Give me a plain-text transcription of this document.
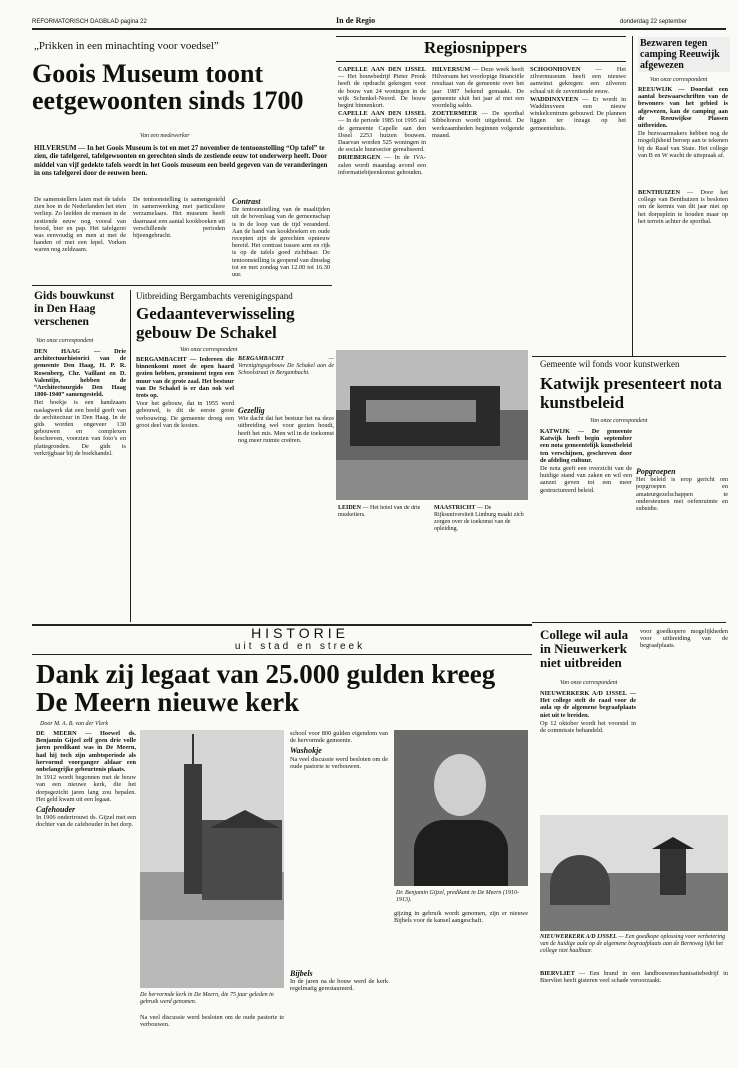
REFORMATORISCH DAGBLAD pagina 22	In de Regio	donderdag 22 september
„Prikken in een minachting voor voedsel”
Goois Museum toont eetgewoonten sinds 1700
Van een medewerker
HILVERSUM — In het Goois Museum is tot en met 27 november de tentoonstelling “Op tafel” te zien, die tafelgerei, tafelgewoonten en gerechten sinds de zestiende eeuw tot onderwerp heeft. Door middel van vijf gedekte tafels wordt in het Goois museum een beeld gegeven van de veranderingen in ons tafelgerei door de eeuwen heen.

De samenstellers laten met de tafels zien hoe in de Nederlanden het eten verliep. Zo leefden de mensen in de zestiende eeuw nog vooral van brood, bier en pap. Het tafelgerei was eenvoudig en men at met de handen of met een lepel. Vorken waren nog zeldzaam.

De tentoonstelling is samengesteld in samenwerking met particuliere verzamelaars. Het museum heeft daarnaast een aantal kookboeken uit verschillende perioden bijeengebracht.

Contrast

De tentoonstelling van de maaltijden uit de bovenlaag van de gemeenschap is in de loop van de tijd veranderd. Aan de hand van kookboeken en oude recepten zijn de gerechten opnieuw bereid. Het contrast tussen arm en rijk is op de tafels goed zichtbaar. De tentoonstelling is geopend van dinsdag tot en met zondag van 12.00 tot 16.30 uur.

Regiosnippers

CAPELLE AAN DEN IJSSEL — Het bouwbedrijf Pieter Pronk heeft de opdracht gekregen voor de bouw van 24 woningen in de wijk Schenkel-Noord. De bouw begint binnenkort.

CAPELLE AAN DEN IJSSEL — In de periode 1985 tot 1995 zal de gemeente Capelle aan den IJssel 2253 huizen bouwen. Daarvan worden 525 woningen in de sociale huursector gerealiseerd.

DRIEBERGEN — In de IVA-zalen wordt maandag avond een informatiebijeenkomst gehouden.

HILVERSUM — Deze week heeft Hilversum het voorlopige financiële resultaat van de gemeente over het jaar 1987 bekend gemaakt. De gemeente sluit het jaar af met een voordelig saldo.

ZOETERMEER — De sporthal Sibbeltoren wordt uitgebreid. De werkzaamheden beginnen volgende maand.

SCHOONHOVEN — Het zilvermuseum heeft een nieuwe aanwinst gekregen: een zilveren schaal uit de zeventiende eeuw.

WADDINXVEEN — Er wordt in Waddinxveen een nieuw winkelcentrum gebouwd. De plannen liggen ter inzage op het gemeentehuis.

Bezwaren tegen camping Reeuwijk afgewezen
Van onze correspondent

REEUWIJK — Doordat een aantal bezwaarschriften van de bewoners van het gebied is afgewezen, kan de camping aan de Reeuwijkse Plassen uitbreiden.

De bezwaarmakers hebben nog de mogelijkheid beroep aan te tekenen bij de Raad van State. Het college van B en W wacht de uitspraak af.

BENTHUIZEN — Door het college van Benthuizen is besloten om de kermis van dit jaar niet op het dorpsplein te houden maar op het terrein achter de sporthal.

Gids bouwkunst in Den Haag verschenen
Van onze correspondent

DEN HAAG — Drie architectuurhistorici van de gemeente Den Haag, H. P. R. Rosenberg, Chr. Vaillant en D. Valentijn, hebben de “Architectuurgids Den Haag 1800-1940” samengesteld.

Het boekje is een handzaam naslagwerk dat een beeld geeft van de architectuur in Den Haag. In de gids worden ongeveer 130 gebouwen en complexen beschreven, voorzien van foto’s en plattegronden. De gids is verkrijgbaar bij de boekhandel.

Uitbreiding Bergambachts verenigingspand
Gedaanteverwisseling gebouw De Schakel
Van onze correspondent

BERGAMBACHT — Iedereen die binnenkomt moet de open haard gezien hebben, prominent tegen een muur van de grote zaal. Het bestuur van De Schakel is er dan ook wel trots op.

Voor het gebouw, dat in 1955 werd gebouwd, is dit de eerste grote verbouwing. De gemeente droeg een groot deel van de kosten.

BERGAMBACHT — Verenigingsgebouw De Schakel aan de Schoolstraat in Bergambacht.

Gezellig

Wie dacht dat het bestuur het na deze uitbreiding wel voor gezien houdt, heeft het mis. Men wil in de toekomst nog meer ruimte creëren.

LEIDEN — Het hotel van de drie musketiers.
MAASTRICHT — De Rijksuniversiteit Limburg maakt zich zorgen over de toekomst van de opleiding.
Gemeente wil fonds voor kunstwerken
Katwijk presenteert nota kunstbeleid
Van onze correspondent

KATWIJK — De gemeente Katwijk heeft begin september een nota gemeentelijk kunstbeleid ten verschijnen, geschreven door de afdeling cultuur.

De nota geeft een overzicht van de huidige stand van zaken en wil een aanzet geven tot een meer gestructureerd beleid.

Popgroepen

Het beleid is erop gericht om popgroepen en amateurgezelschappen te ondersteunen met oefenruimte en subsidie.

HISTORIE
uit stad en streek
Dank zij legaat van 25.000 gulden kreeg De Meern nieuwe kerk
Door M. A. B. van der Vlerk

DE MEERN — Hoewel ds. Benjamin Gijzel zelf geen drie volle jaren predikant was in De Meern, had hij toch zijn ambtsperiode als hervormd voorganger aldaar een onbelangrijke gebeurtenis plaats.

In 1912 wordt begonnen met de bouw van een nieuwe kerk, die het dorpsgezicht jaren lang zou bepalen. Het geld kwam uit een legaat.

Cafehouder

In 1906 ondertrouwt ds. Gijzel met een dochter van de cafehouder in het dorp.

De hervormde kerk in De Meern, die 75 jaar geleden in gebruik werd genomen.

Na veel discussie werd besloten om de oude pastorie te verbouwen.

school voor 800 gulden eigendom van de hervormde gemeente.

Washokje

Na veel discussie werd besloten om de oude pastorie te verbouwen.

Bijbels

In de jaren na de bouw werd de kerk regelmatig gerestaureerd.

Dr. Benjamin Gijzel, predikant in De Meern (1910-1913).

gijzing in gebruik wordt genomen, zijn er nieuwe Bijbels voor de kansel aangeschaft.

College wil aula in Nieuwerkerk niet uitbreiden
Van onze correspondent

NIEUWERKERK A/D IJSSEL — Het college stelt de raad voor de aula op de algemene begraafplaats niet uit te breiden.

Op 12 oktober wordt het voorstel in de commissie behandeld.

voor goedkopere mogelijkheden voor uitbreiding van de begraafplaats.

NIEUWERKERK A/D IJSSEL — Een goedkope oplossing voor verbetering van de huidige aula op de algemene begraafplaats aan de Bermweg lijkt het college niet haalbaar.

BIERVLIET — Een brand in een landbouwmechanisatiebedrijf in Biervliet heeft gisteren veel schade veroorzaakt.
